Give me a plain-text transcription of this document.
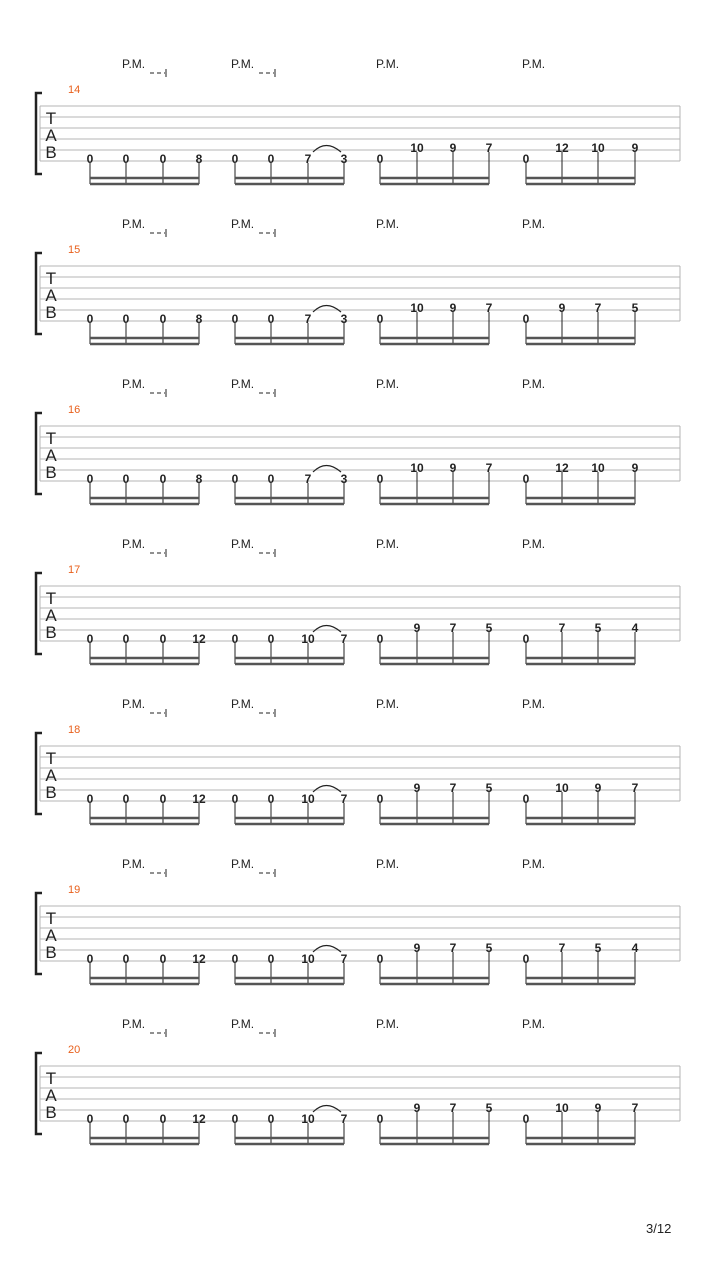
P.M.	P.M.	P.M.	P.M.
14
T
A
B 0 0	0 8 0 0	7 3 0
10 9 7
0
12 10 9
P.M.	P.M.	P.M.	P.M.
15
T
A
B 0 0	0 8 0 0	7 3 0
10 9 7
0
9 7	5
P.M.	P.M.	P.M.	P.M.
16
T
A
B 0 0	0 8 0 0	7 3 0
10 9 7
0
12 10 9
P.M.	P.M.	P.M.	P.M.
17
T
A
B 0 0	0 12 0 0 10 7 0
9 7 5
0
7 5	4
P.M.	P.M.	P.M.	P.M.
18
T
A
B 0 0	0 12 0 0 10 7 0
9 7 5
0
10 9	7
P.M.	P.M.	P.M.	P.M.
19
T
A
B 0 0	0 12 0 0 10 7 0
9 7 5
0
7 5	4
P.M.	P.M.	P.M.	P.M.
20
T
A
B 0 0	0 12 0 0 10 7 0
9 7 5
0
10 9	7
3/12
